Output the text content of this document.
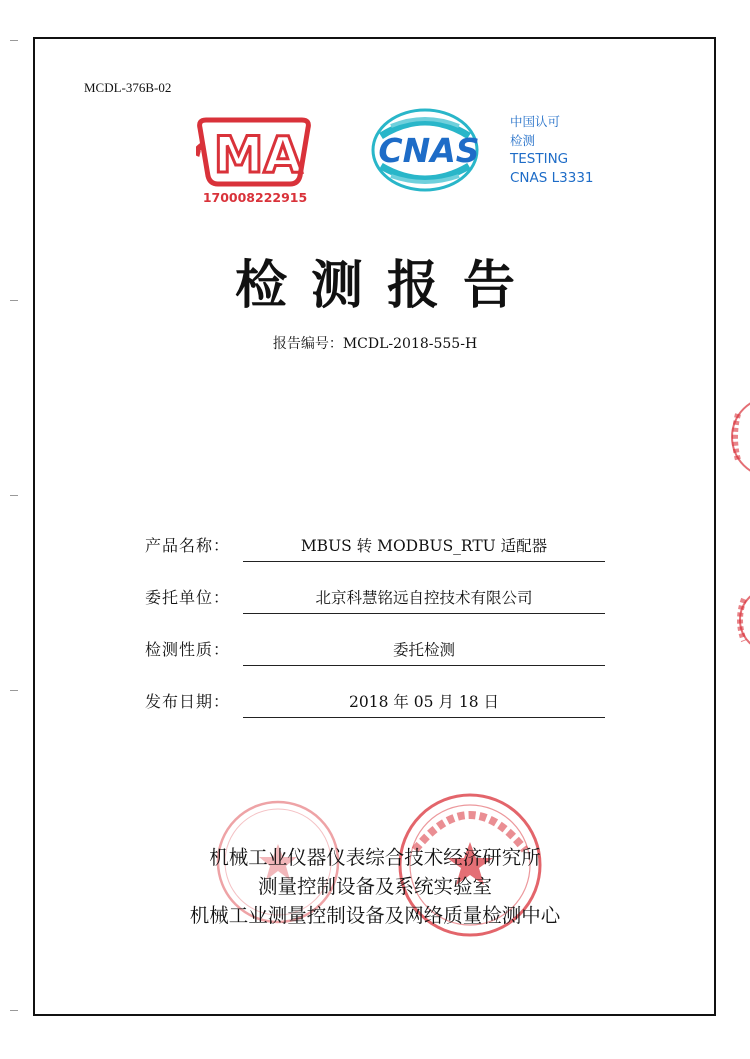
MCDL-376B-02
MA
170008222915
CNAS
中国认可
检测
TESTING
CNAS L3331
检测报告
报告编号：MCDL-2018-555-H
产品名称：	MBUS 转 MODBUS_RTU 适配器
委托单位：	北京科慧铭远自控技术有限公司
检测性质：	委托检测
发布日期：	2018 年 05 月 18 日
机械工业仪器仪表综合技术经济研究所
测量控制设备及系统实验室
机械工业测量控制设备及网络质量检测中心
